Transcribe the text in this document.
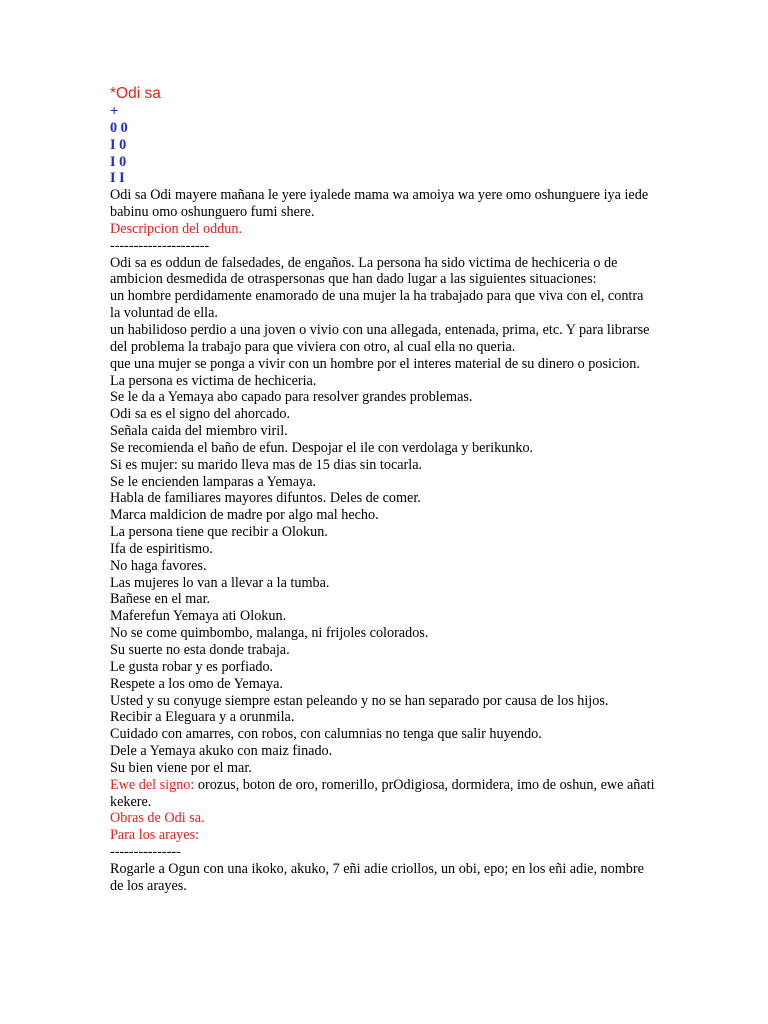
*Odi sa
+
0 0
I 0
I 0
I I
Odi sa Odi mayere mañana le yere iyalede mama wa amoiya wa yere omo oshunguere iya iede babinu omo oshunguero fumi shere.
Descripcion del oddun.
---------------------
Odi sa es oddun de falsedades, de engaños. La persona ha sido victima de hechiceria o de ambicion desmedida de otraspersonas que han dado lugar a las siguientes situaciones:
un hombre perdidamente enamorado de una mujer la ha trabajado para que viva con el, contra la voluntad de ella.
un habilidoso perdio a una joven o vivio con una allegada, entenada, prima, etc. Y para librarse del problema la trabajo para que viviera con otro, al cual ella no queria.
que una mujer se ponga a vivir con un hombre por el interes material de su dinero o posicion.
La persona es victima de hechiceria.
Se le da a Yemaya abo capado para resolver grandes problemas.
Odi sa es el signo del ahorcado.
Señala caida del miembro viril.
Se recomienda el baño de efun. Despojar el ile con verdolaga y berikunko.
Si es mujer: su marido lleva mas de 15 dias sin tocarla.
Se le encienden lamparas a Yemaya.
Habla de familiares mayores difuntos. Deles de comer.
Marca maldicion de madre por algo mal hecho.
La persona tiene que recibir a Olokun.
Ifa de espiritismo.
No haga favores.
Las mujeres lo van a llevar a la tumba.
Bañese en el mar.
Maferefun Yemaya ati Olokun.
No se come quimbombo, malanga, ni frijoles colorados.
Su suerte no esta donde trabaja.
Le gusta robar y es porfiado.
Respete a los omo de Yemaya.
Usted y su conyuge siempre estan peleando y no se han separado por causa de los hijos.
Recibir a Eleguara y a orunmila.
Cuidado con amarres, con robos, con calumnias no tenga que salir huyendo.
Dele a Yemaya akuko con maiz finado.
Su bien viene por el mar.
Ewe del signo: orozus, boton de oro, romerillo, prOdigiosa, dormidera, imo de oshun, ewe añati kekere.
Obras de Odi sa.
Para los arayes:
---------------
Rogarle a Ogun con una ikoko, akuko, 7 eñi adie criollos, un obi, epo; en los eñi adie, nombre de los arayes.
